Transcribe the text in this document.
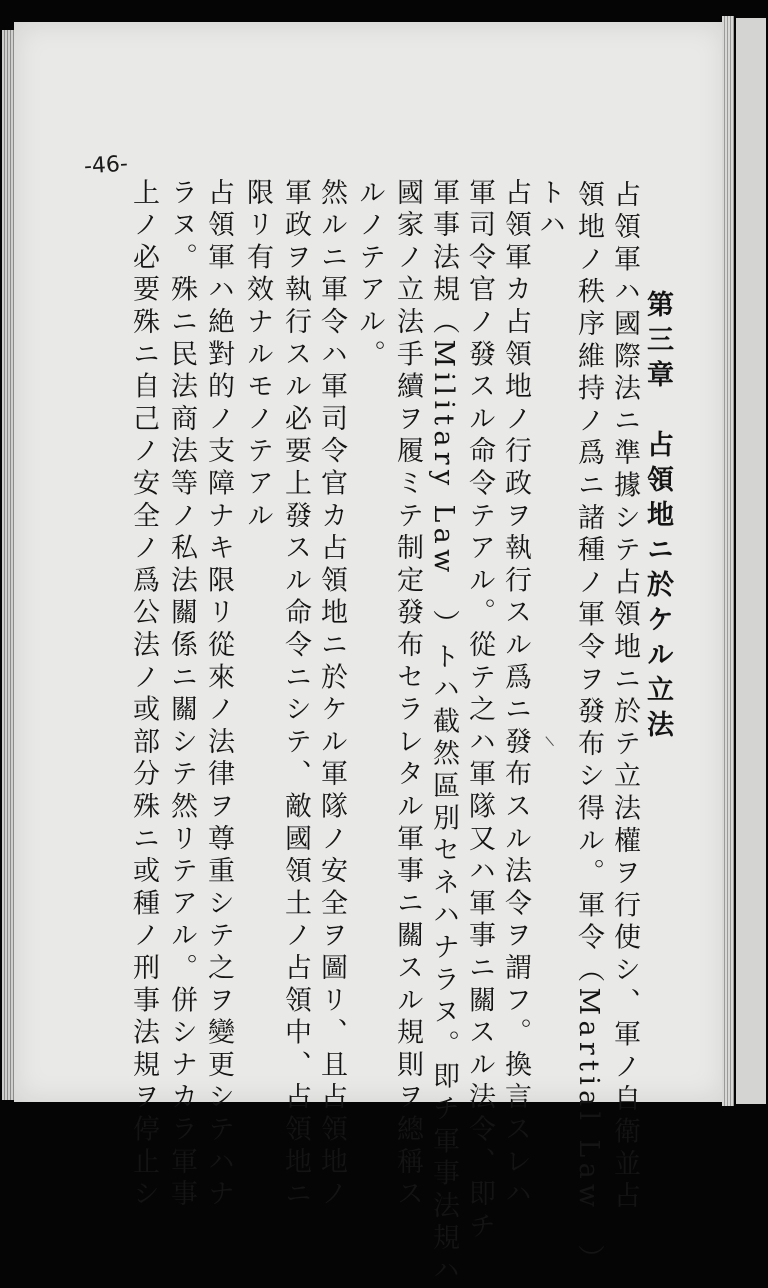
占領軍ハ國際法ニ準據シテ占領地ニ於テ立法權ヲ行使シ、軍ノ自衛並占
領地ノ秩序維持ノ爲ニ諸種ノ軍令ヲ發布シ得ル。軍令（Martial Law　） 第三章　占領地ニ於ケル立法
トハ
占領軍カ占領地ノ行政ヲ執行スル爲ニ發布スル法令ヲ謂フ。換言スレハ
軍司令官ノ發スル命令テアル。從テ之ハ軍隊又ハ軍事ニ關スル法令、即チ
軍事法規（Military Law　）トハ截然區別セネハナラヌ。即チ軍事法規ハ
國家ノ立法手續ヲ履ミテ制定發布セラレタル軍事ニ關スル規則ヲ總稱ス
ルノテアル。
然ルニ軍令ハ軍司令官カ占領地ニ於ケル軍隊ノ安全ヲ圖リ、且占領地ノ
軍政ヲ執行スル必要上發スル命令ニシテ、敵國領土ノ占領中、占領地ニ
限リ有效ナルモノテアル
占領軍ハ絶對的ノ支障ナキ限リ從來ノ法律ヲ尊重シテ之ヲ變更シテハナ
ラヌ。殊ニ民法商法等ノ私法關係ニ關シテ然リテアル。併シナカラ軍事
上ノ必要殊ニ自己ノ安全ノ爲公法ノ或部分殊ニ或種ノ刑事法規ヲ停止シ
-46-
